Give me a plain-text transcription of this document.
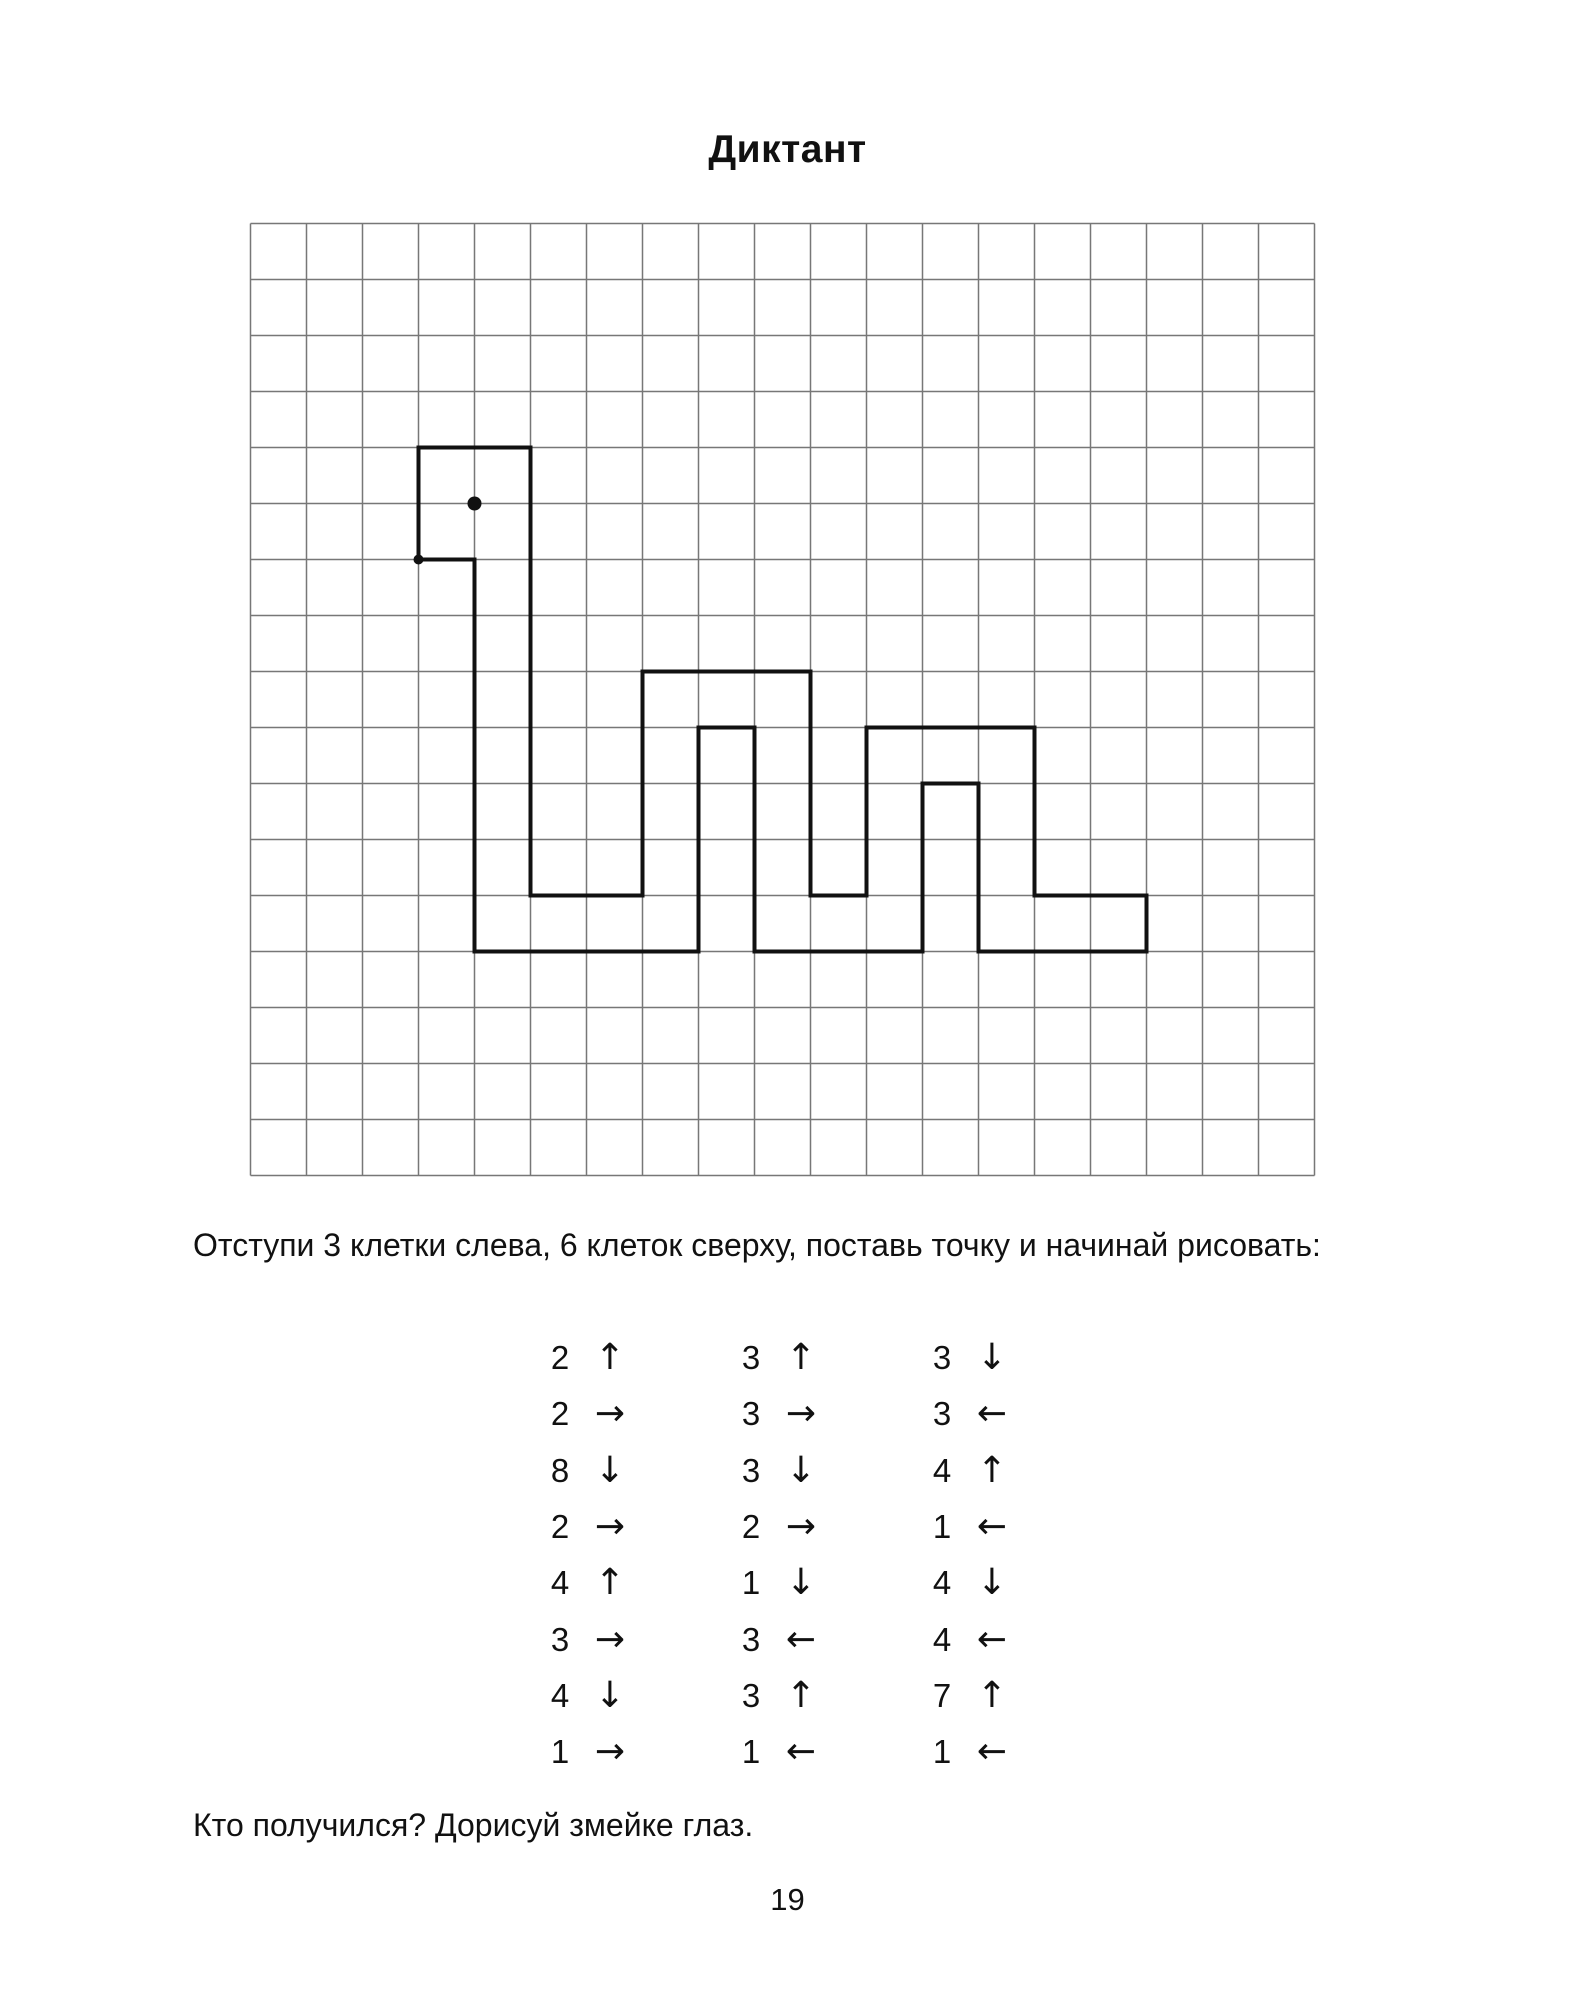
Диктант

Отступи 3 клетки слева, 6 клеток сверху, поставь точку и начинай рисовать:

2 ↑
2 →
8 ↓
2 →
4 ↑
3 →
4 ↓
1 →
3 ↑
3 →
3 ↓
2 →
1 ↓
3 ←
3 ↑
1 ←
3 ↓
3 ←
4 ↑
1 ←
4 ↓
4 ←
7 ↑
1 ←
Кто получился? Дорисуй змейке глаз.
19
